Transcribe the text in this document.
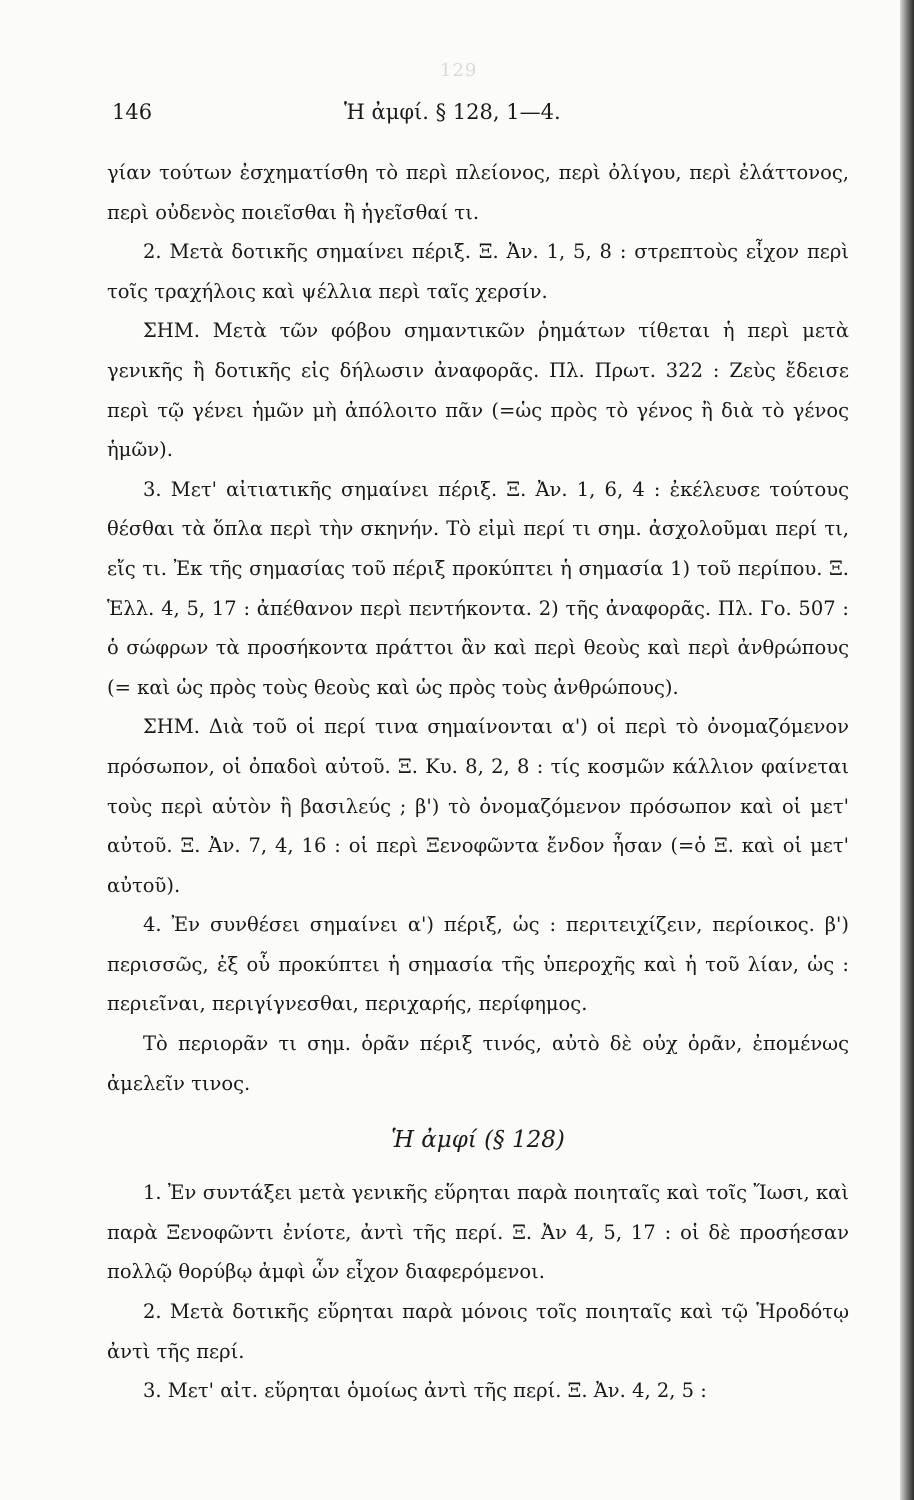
129
146	Ἡ ἀμφί. § 128, 1—4.

γίαν τούτων ἐσχηματίσθη τὸ περὶ πλείονος, περὶ ὀλίγου, περὶ ἐλάττονος, περὶ οὐδενὸς ποιεῖσθαι ἢ ἡγεῖσθαί τι.

2. Μετὰ δοτικῆς σημαίνει πέριξ. Ξ. Ἀν. 1, 5, 8 : στρεπτοὺς εἶχον περὶ τοῖς τραχήλοις καὶ ψέλλια περὶ ταῖς χερσίν.

ΣΗΜ. Μετὰ τῶν φόβου σημαντικῶν ῥημάτων τίθεται ἡ περὶ μετὰ γενικῆς ἢ δοτικῆς εἰς δήλωσιν ἀναφορᾶς. Πλ. Πρωτ. 322 : Ζεὺς ἔδεισε περὶ τῷ γένει ἡμῶν μὴ ἀπόλοιτο πᾶν (=ὡς πρὸς τὸ γένος ἢ διὰ τὸ γένος ἡμῶν).

3. Μετ' αἰτιατικῆς σημαίνει πέριξ. Ξ. Ἀν. 1, 6, 4 : ἐκέλευσε τούτους θέσθαι τὰ ὅπλα περὶ τὴν σκηνήν. Τὸ εἰμὶ περί τι σημ. ἀσχολοῦμαι περί τι, εἴς τι. Ἐκ τῆς σημασίας τοῦ πέριξ προκύπτει ἡ σημασία 1) τοῦ περίπου. Ξ. Ἑλλ. 4, 5, 17 : ἀπέθανον περὶ πεντήκοντα. 2) τῆς ἀναφορᾶς. Πλ. Γο. 507 : ὁ σώφρων τὰ προσήκοντα πράττοι ἂν καὶ περὶ θεοὺς καὶ περὶ ἀνθρώπους (= καὶ ὡς πρὸς τοὺς θεοὺς καὶ ὡς πρὸς τοὺς ἀνθρώπους).

ΣΗΜ. Διὰ τοῦ οἱ περί τινα σημαίνονται α') οἱ περὶ τὸ ὀνομαζόμενον πρόσωπον, οἱ ὀπαδοὶ αὐτοῦ. Ξ. Κυ. 8, 2, 8 : τίς κοσμῶν κάλλιον φαίνεται τοὺς περὶ αὑτὸν ἢ βασιλεύς ; β') τὸ ὀνομαζόμενον πρόσωπον καὶ οἱ μετ' αὐτοῦ. Ξ. Ἀν. 7, 4, 16 : οἱ περὶ Ξενοφῶντα ἔνδον ἦσαν (=ὁ Ξ. καὶ οἱ μετ' αὐτοῦ).

4. Ἐν συνθέσει σημαίνει α') πέριξ, ὡς : περιτειχίζειν, περίοικος. β') περισσῶς, ἐξ οὗ προκύπτει ἡ σημασία τῆς ὑπεροχῆς καὶ ἡ τοῦ λίαν, ὡς : περιεῖναι, περιγίγνεσθαι, περιχαρής, περίφημος.

Τὸ περιορᾶν τι σημ. ὁρᾶν πέριξ τινός, αὐτὸ δὲ οὐχ ὁρᾶν, ἐπομένως ἀμελεῖν τινος.

Ἡ ἀμφί (§ 128)

1. Ἐν συντάξει μετὰ γενικῆς εὕρηται παρὰ ποιηταῖς καὶ τοῖς Ἴωσι, καὶ παρὰ Ξενοφῶντι ἐνίοτε, ἀντὶ τῆς περί. Ξ. Ἀν 4, 5, 17 : οἱ δὲ προσήεσαν πολλῷ θορύβῳ ἀμφὶ ὧν εἶχον διαφερόμενοι.

2. Μετὰ δοτικῆς εὕρηται παρὰ μόνοις τοῖς ποιηταῖς καὶ τῷ Ἡροδότῳ ἀντὶ τῆς περί.

3. Μετ' αἰτ. εὕρηται ὁμοίως ἀντὶ τῆς περί. Ξ. Ἀν. 4, 2, 5 :
